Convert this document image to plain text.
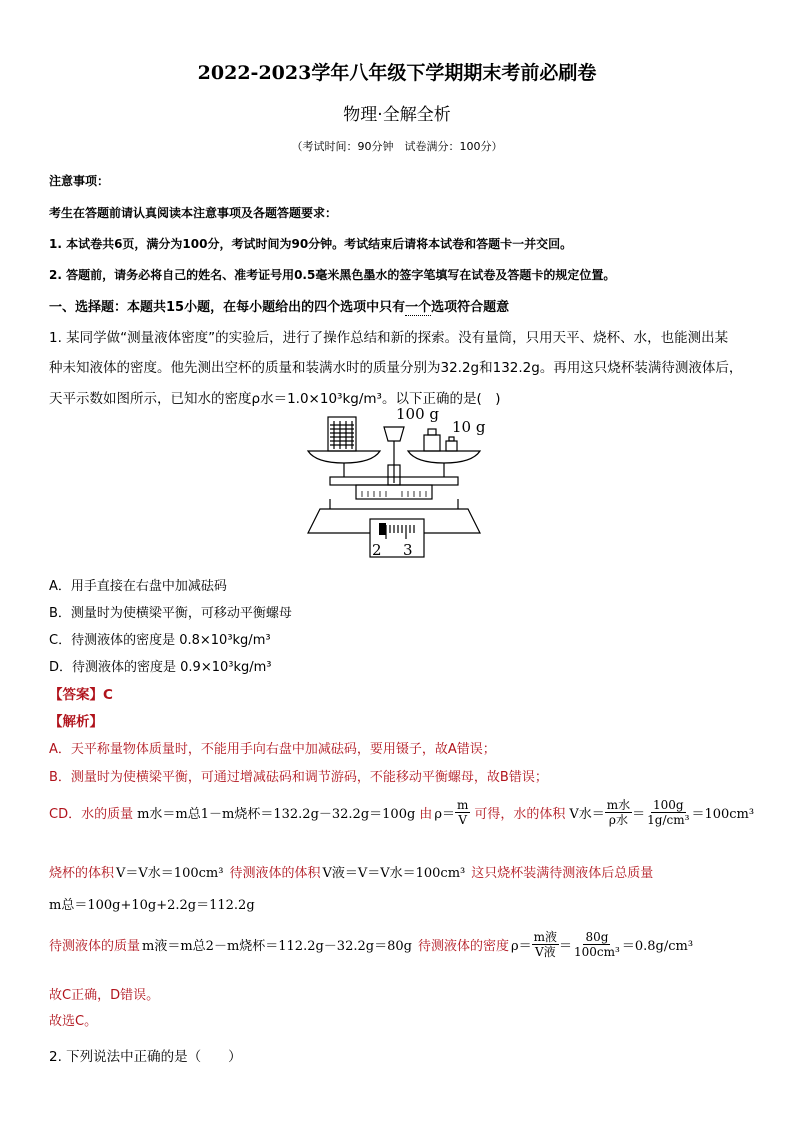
2022-2023学年八年级下学期期末考前必刷卷
物理·全解全析
（考试时间：90分钟　试卷满分：100分）
注意事项：
考生在答题前请认真阅读本注意事项及各题答题要求：
1. 本试卷共6页，满分为100分，考试时间为90分钟。考试结束后请将本试卷和答题卡一并交回。
2. 答题前，请务必将自己的姓名、准考证号用0.5毫米黑色墨水的签字笔填写在试卷及答题卡的规定位置。
一、选择题：本题共15小题，在每小题给出的四个选项中只有一个选项符合题意
1. 某同学做“测量液体密度”的实验后，进行了操作总结和新的探索。没有量筒，只用天平、烧杯、水，也能测出某
种未知液体的密度。他先测出空杯的质量和装满水时的质量分别为32.2g和132.2g。再用这只烧杯装满待测液体后，
天平示数如图所示，已知水的密度ρ水＝1.0×10³kg/m³。以下正确的是(　)
100 g
10 g
2 3
A．用手直接在右盘中加减砝码
B．测量时为使横梁平衡，可移动平衡螺母
C．待测液体的密度是 0.8×10³kg/m³
D．待测液体的密度是 0.9×10³kg/m³
【答案】C
【解析】
A．天平称量物体质量时，不能用手向右盘中加减砝码，要用镊子，故A错误；
B．测量时为使横梁平衡，可通过增减砝码和调节游码，不能移动平衡螺母，故B错误；
CD．水的质量 m水＝m总1－m烧杯＝132.2g－32.2g＝100g 由 $\rho= \frac{m}{V}$ 可得，水的体积 V水＝ $\frac{\text{m水}}{\text{ρ水}} = \frac{100g}{\text{1g/cm³}} =100cm^3$
烧杯的体积 V＝V水＝100cm³ 待测液体的体积 V液＝V＝V水＝100cm³ 这只烧杯装满待测液体后总质量
m总＝100g+10g+2.2g＝112.2g
待测液体的质量 m液＝m总2－m烧杯＝112.2g－32.2g＝80g 待测液体的密度 $\rho= \frac{\text{m液}}{\text{V液}} = \frac{80g}{\text{100cm³}} =0.8g/cm^3$
故C正确，D错误。
故选C。
2. 下列说法中正确的是（　　）
